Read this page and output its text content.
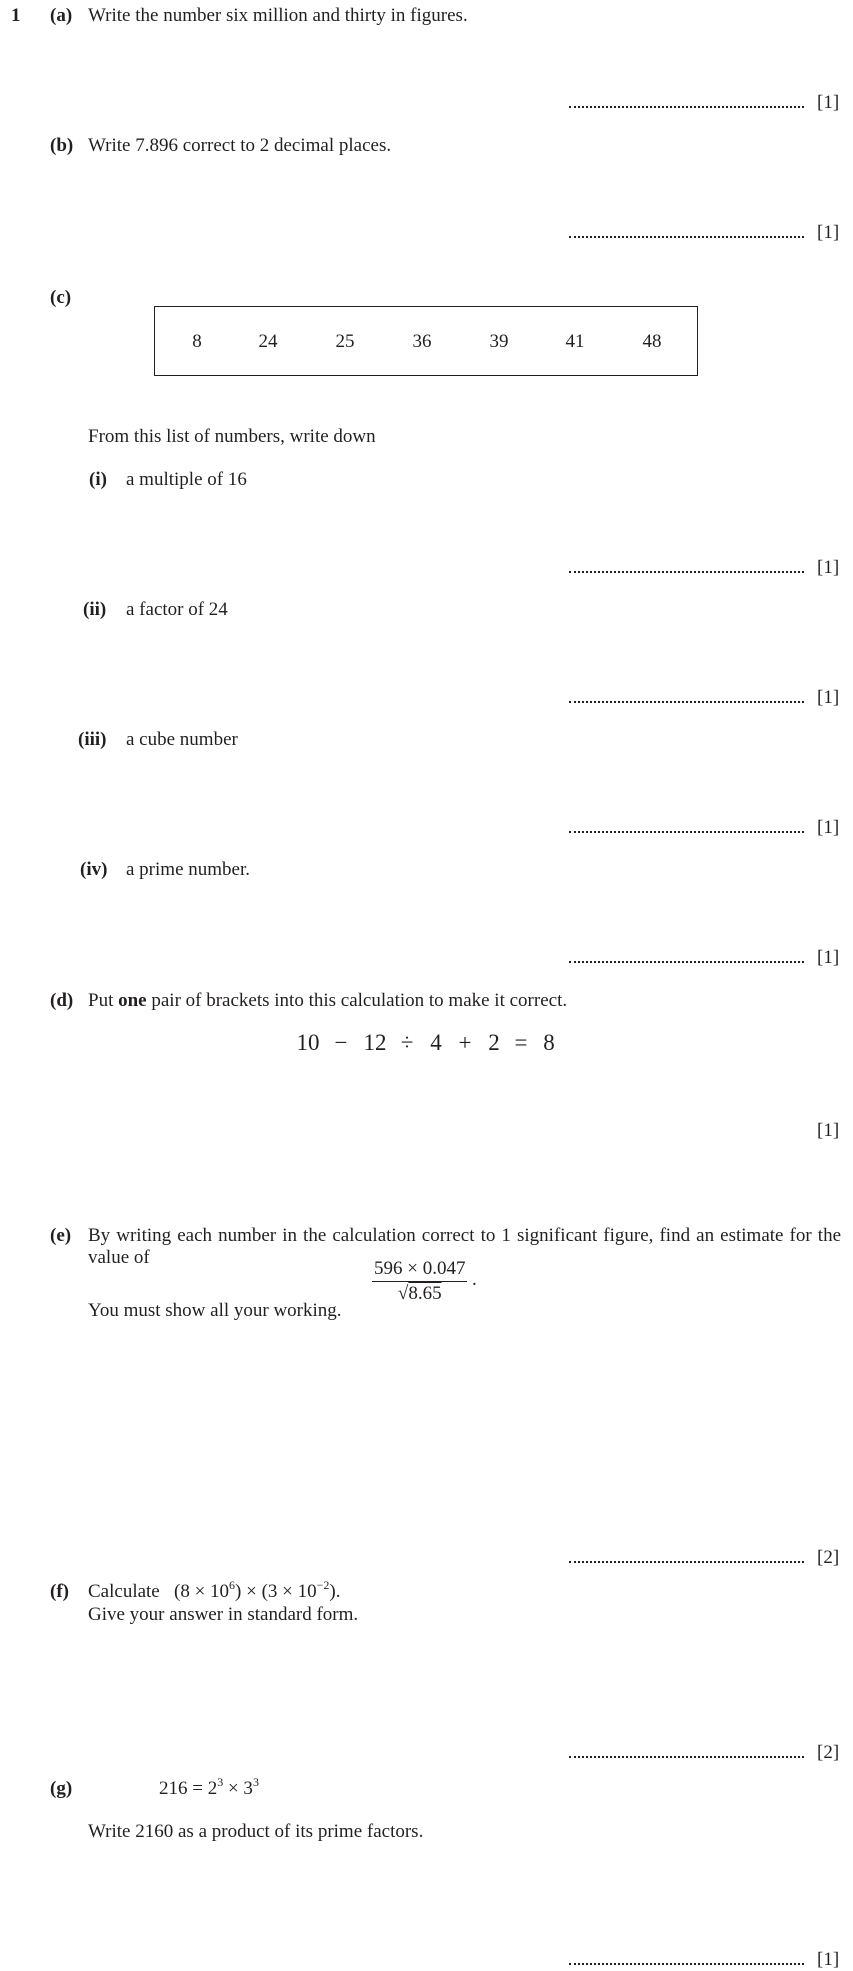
1 (a) Write the number six million and thirty in figures.
[1]
(b) Write 7.896 correct to 2 decimal places.
[1]
(c)
8	24	25	36	39	41	48
From this list of numbers, write down
(i) a multiple of 16
[1]
(ii) a factor of 24
[1]
(iii) a cube number
[1]
(iv) a prime number.
[1]
(d) Put one pair of brackets into this calculation to make it correct.
10 − 12 ÷ 4 + 2 = 8
[1]
(e) By writing each number in the calculation correct to 1 significant figure, find an estimate for the
value of
$\frac{596 \times 0.047}{√8.65}$ .
You must show all your working.
[2]
(f) Calculate $(8 \times 10^6) \times (3 \times 10^{-2})$.
Give your answer in standard form.
[2]
(g)	$216 = 2^3 \times 3^3$
Write 2160 as a product of its prime factors.
[1]
